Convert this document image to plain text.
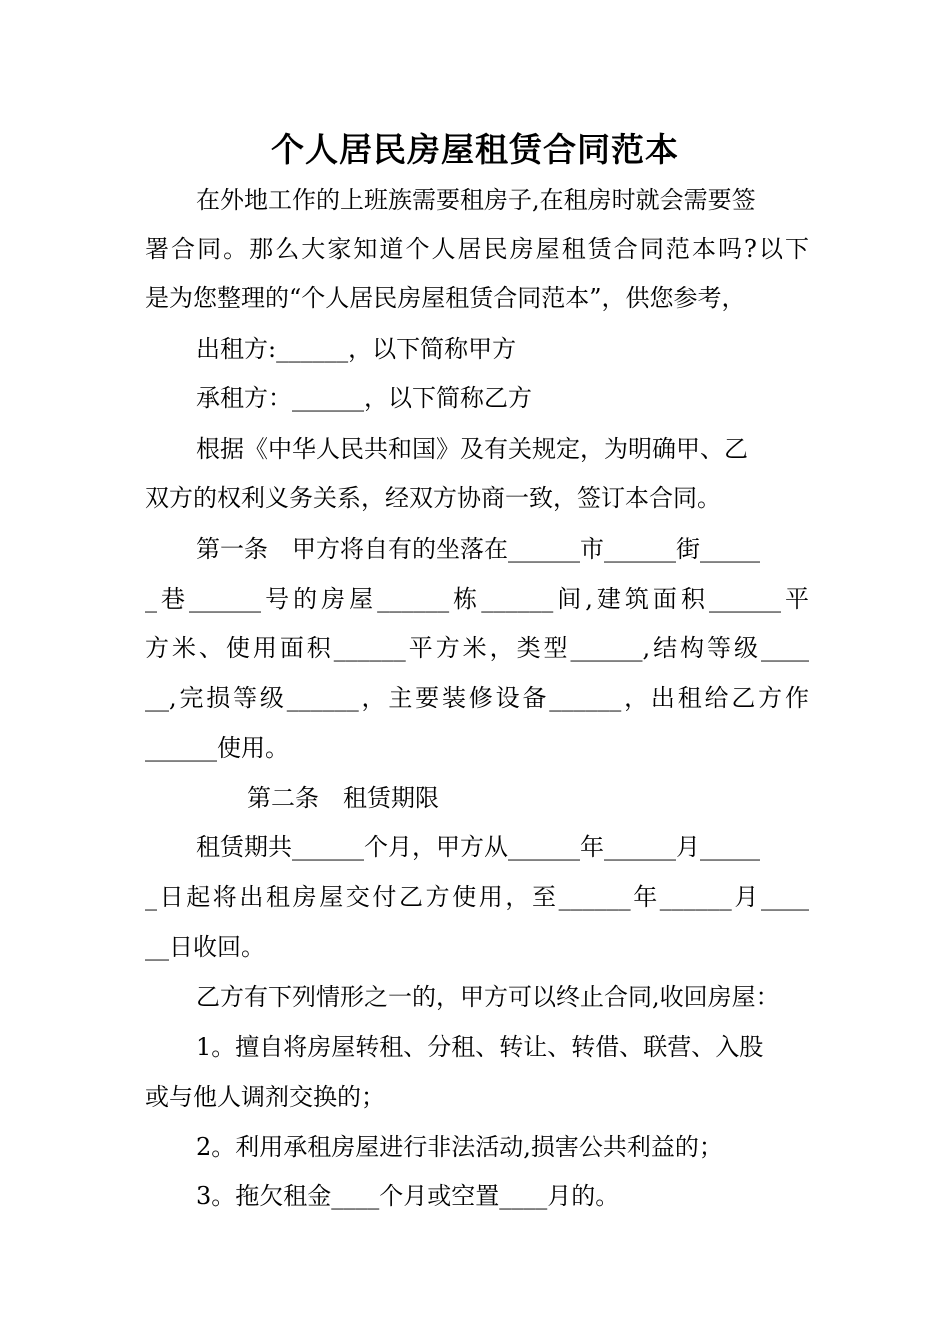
个人居民房屋租赁合同范本

在外地工作的上班族需要租房子,在租房时就会需要签

署合同。那么大家知道个人居民房屋租赁合同范本吗?以下

是为您整理的“个人居民房屋租赁合同范本”，供您参考，

出租方:______，以下简称甲方

承租方：______，以下简称乙方

根据《中华人民共和国》及有关规定，为明确甲、乙

双方的权利义务关系，经双方协商一致，签订本合同。

第一条　甲方将自有的坐落在______市______街_____

_巷______号的房屋______栋______间,建筑面积______平

方米、使用面积______平方米，类型______,结构等级____

__,完损等级______，主要装修设备______，出租给乙方作

______使用。

第二条　租赁期限

租赁期共______个月，甲方从______年______月_____

_日起将出租房屋交付乙方使用，至______年______月____

__日收回。

乙方有下列情形之一的，甲方可以终止合同,收回房屋：

1。擅自将房屋转租、分租、转让、转借、联营、入股

或与他人调剂交换的；

2。利用承租房屋进行非法活动,损害公共利益的；

3。拖欠租金____个月或空置____月的。
